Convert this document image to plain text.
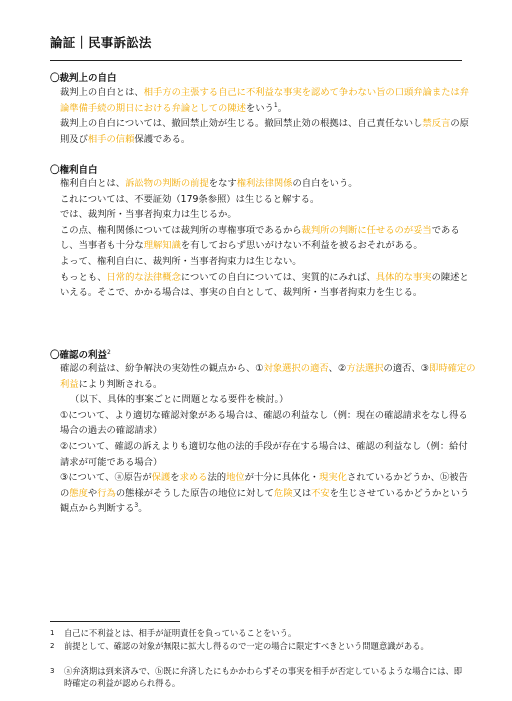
論証｜民事訴訟法
〇裁判上の自白
裁判上の自白とは、相手方の主張する自己に不利益な事実を認めて争わない旨の口頭弁論または弁論準備手続の期日における弁論としての陳述をいう$^1$。
裁判上の自白については、撤回禁止効が生じる。撤回禁止効の根拠は、自己責任ないし禁反言の原則及び相手の信頼保護である。
〇権利自白
権利自白とは、訴訟物の判断の前提をなす権利法律関係の自白をいう。
これについては、不要証効（179条参照）は生じると解する。
では、裁判所・当事者拘束力は生じるか。
この点、権利関係については裁判所の専権事項であるから裁判所の判断に任せるのが妥当であるし、当事者も十分な理解知識を有しておらず思いがけない不利益を被るおそれがある。
よって、権利自白に、裁判所・当事者拘束力は生じない。
もっとも、日常的な法律概念についての自白については、実質的にみれば、具体的な事実の陳述といえる。そこで、かかる場合は、事実の自白として、裁判所・当事者拘束力を生じる。
〇確認の利益$^2$
確認の利益は、紛争解決の実効性の観点から、①対象選択の適否、②方法選択の適否、③即時確定の利益により判断される。
（以下、具体的事案ごとに問題となる要件を検討。）
①について、より適切な確認対象がある場合は、確認の利益なし（例：現在の確認請求をなし得る場合の過去の確認請求）
②について、確認の訴えよりも適切な他の法的手段が存在する場合は、確認の利益なし（例：給付請求が可能である場合）
③について、ⓐ原告が保護を求める法的地位が十分に具体化・現実化されているかどうか、ⓑ被告の態度や行為の態様がそうした原告の地位に対して危険又は不安を生じさせているかどうかという観点から判断する$^3$。
1 自己に不利益とは、相手が証明責任を負っていることをいう。
2 前提として、確認の対象が無限に拡大し得るので一定の場合に限定すべきという問題意識がある。
3 ⓐ弁済期は到来済みで、ⓑ既に弁済したにもかかわらずその事実を相手が否定しているような場合には、即時確定の利益が認められ得る。
